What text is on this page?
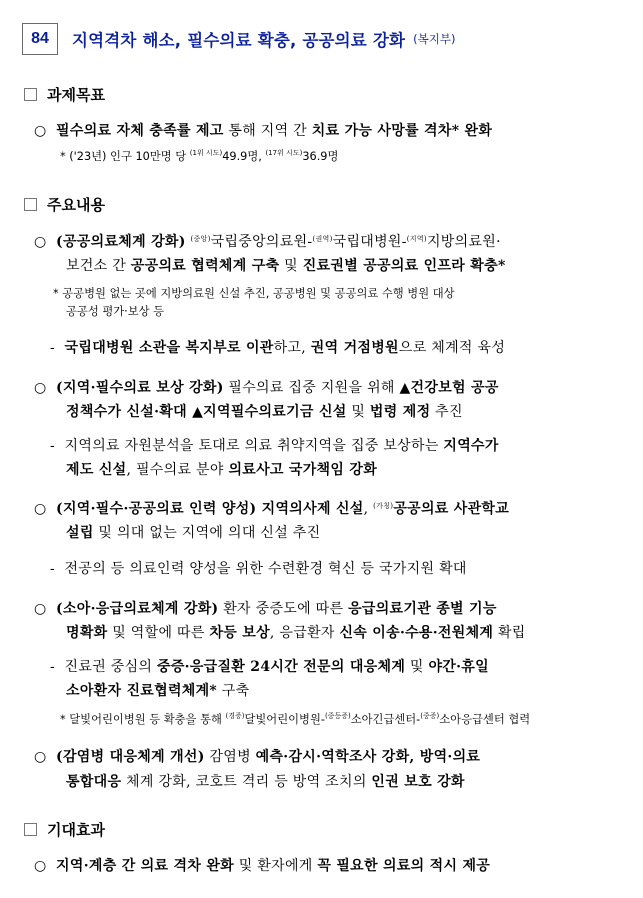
84	지역격차 해소, 필수의료 확충, 공공의료 강화 (복지부)
과제목표
○ 필수의료 자체 충족률 제고 통해 지역 간 치료 가능 사망률 격차* 완화
* ('23년) 인구 10만명 당 $^{(1위 시도)}$49.9명, $^{(17위 시도)}$36.9명
주요내용
○ (공공의료체계 강화) $^{(중앙)}$국립중앙의료원-$^{(권역)}$국립대병원-$^{(지역)}$지방의료원·
보건소 간 공공의료 협력체계 구축 및 진료권별 공공의료 인프라 확충*
* 공공병원 없는 곳에 지방의료원 신설 추진, 공공병원 및 공공의료 수행 병원 대상
공공성 평가·보상 등
- 국립대병원 소관을 복지부로 이관하고, 권역 거점병원으로 체계적 육성
○ (지역·필수의료 보상 강화) 필수의료 집중 지원을 위해 ▲건강보험 공공
정책수가 신설·확대 ▲지역필수의료기금 신설 및 법령 제정 추진
- 지역의료 자원분석을 토대로 의료 취약지역을 집중 보상하는 지역수가
제도 신설, 필수의료 분야 의료사고 국가책임 강화
○ (지역·필수·공공의료 인력 양성) 지역의사제 신설, $^{(가칭)}$공공의료 사관학교
설립 및 의대 없는 지역에 의대 신설 추진
- 전공의 등 의료인력 양성을 위한 수련환경 혁신 등 국가지원 확대
○ (소아·응급의료체계 강화) 환자 중증도에 따른 응급의료기관 종별 기능
명확화 및 역할에 따른 차등 보상, 응급환자 신속 이송·수용·전원체계 확립
- 진료권 중심의 중증·응급질환 24시간 전문의 대응체계 및 야간·휴일
소아환자 진료협력체계* 구축
* 달빛어린이병원 등 확충을 통해 $^{(경증)}$달빛어린이병원-$^{(중등증)}$소아긴급센터-$^{(중증)}$소아응급센터 협력
○ (감염병 대응체계 개선) 감염병 예측·감시·역학조사 강화, 방역·의료
통합대응 체계 강화, 코호트 격리 등 방역 조치의 인권 보호 강화
기대효과
○ 지역·계층 간 의료 격차 완화 및 환자에게 꼭 필요한 의료의 적시 제공
